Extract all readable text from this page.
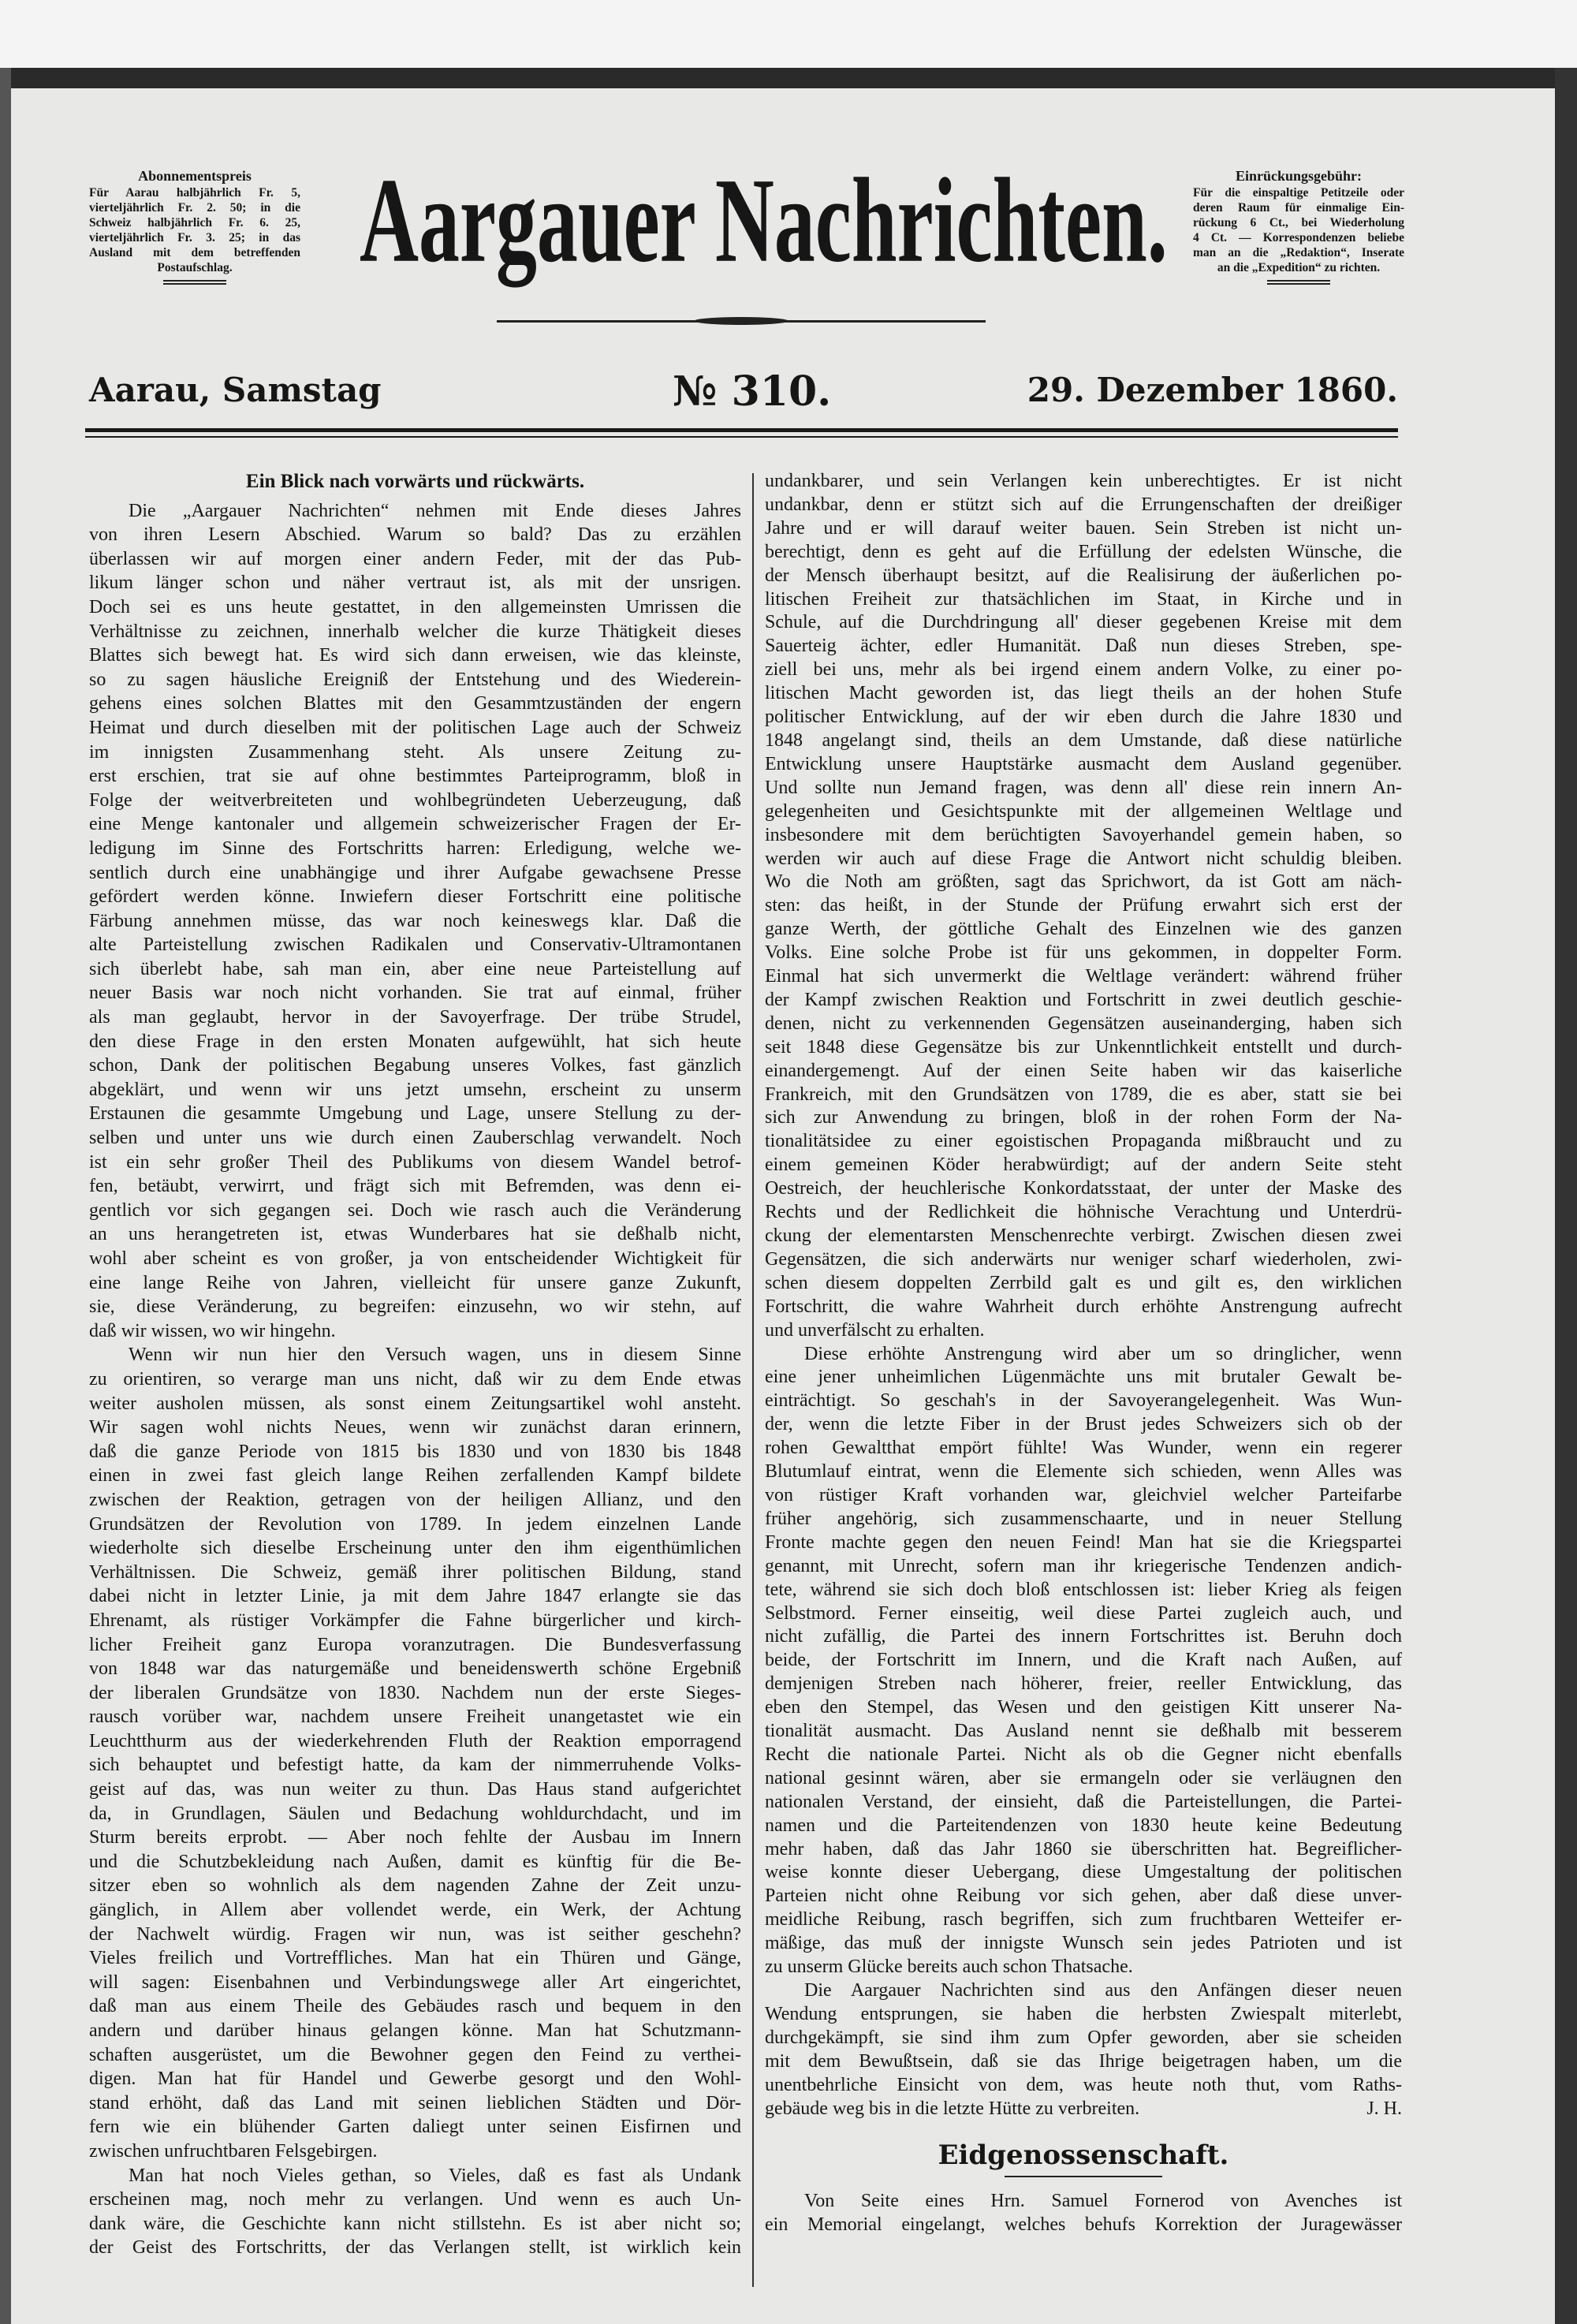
Abonnementspreis
Für Aarau halbjährlich Fr. 5,
vierteljährlich Fr. 2. 50; in die
Schweiz halbjährlich Fr. 6. 25,
vierteljährlich Fr. 3. 25; in das
Ausland mit dem betreffenden
Postaufschlag.	Aargauer Nachrichten.	Einrückungsgebühr:
Für die einspaltige Petitzeile oder
deren Raum für einmalige Ein-
rückung 6 Ct., bei Wiederholung
4 Ct. — Korrespondenzen beliebe
man an die „Redaktion“, Inserate
an die „Expedition“ zu richten.
Aarau, Samstag	№ 310.	29. Dezember 1860.
Ein Blick nach vorwärts und rückwärts.
Die „Aargauer Nachrichten“ nehmen mit Ende dieses Jahres
von ihren Lesern Abschied. Warum so bald? Das zu erzählen
überlassen wir auf morgen einer andern Feder, mit der das Pub-
likum länger schon und näher vertraut ist, als mit der unsrigen.
Doch sei es uns heute gestattet, in den allgemeinsten Umrissen die
Verhältnisse zu zeichnen, innerhalb welcher die kurze Thätigkeit dieses
Blattes sich bewegt hat. Es wird sich dann erweisen, wie das kleinste,
so zu sagen häusliche Ereigniß der Entstehung und des Wiederein-
gehens eines solchen Blattes mit den Gesammtzuständen der engern
Heimat und durch dieselben mit der politischen Lage auch der Schweiz
im innigsten Zusammenhang steht. Als unsere Zeitung zu-
erst erschien, trat sie auf ohne bestimmtes Parteiprogramm, bloß in
Folge der weitverbreiteten und wohlbegründeten Ueberzeugung, daß
eine Menge kantonaler und allgemein schweizerischer Fragen der Er-
ledigung im Sinne des Fortschritts harren: Erledigung, welche we-
sentlich durch eine unabhängige und ihrer Aufgabe gewachsene Presse
gefördert werden könne. Inwiefern dieser Fortschritt eine politische
Färbung annehmen müsse, das war noch keineswegs klar. Daß die
alte Parteistellung zwischen Radikalen und Conservativ-Ultramontanen
sich überlebt habe, sah man ein, aber eine neue Parteistellung auf
neuer Basis war noch nicht vorhanden. Sie trat auf einmal, früher
als man geglaubt, hervor in der Savoyerfrage. Der trübe Strudel,
den diese Frage in den ersten Monaten aufgewühlt, hat sich heute
schon, Dank der politischen Begabung unseres Volkes, fast gänzlich
abgeklärt, und wenn wir uns jetzt umsehn, erscheint zu unserm
Erstaunen die gesammte Umgebung und Lage, unsere Stellung zu der-
selben und unter uns wie durch einen Zauberschlag verwandelt. Noch
ist ein sehr großer Theil des Publikums von diesem Wandel betrof-
fen, betäubt, verwirrt, und frägt sich mit Befremden, was denn ei-
gentlich vor sich gegangen sei. Doch wie rasch auch die Veränderung
an uns herangetreten ist, etwas Wunderbares hat sie deßhalb nicht,
wohl aber scheint es von großer, ja von entscheidender Wichtigkeit für
eine lange Reihe von Jahren, vielleicht für unsere ganze Zukunft,
sie, diese Veränderung, zu begreifen: einzusehn, wo wir stehn, auf
daß wir wissen, wo wir hingehn.
Wenn wir nun hier den Versuch wagen, uns in diesem Sinne
zu orientiren, so verarge man uns nicht, daß wir zu dem Ende etwas
weiter ausholen müssen, als sonst einem Zeitungsartikel wohl ansteht.
Wir sagen wohl nichts Neues, wenn wir zunächst daran erinnern,
daß die ganze Periode von 1815 bis 1830 und von 1830 bis 1848
einen in zwei fast gleich lange Reihen zerfallenden Kampf bildete
zwischen der Reaktion, getragen von der heiligen Allianz, und den
Grundsätzen der Revolution von 1789. In jedem einzelnen Lande
wiederholte sich dieselbe Erscheinung unter den ihm eigenthümlichen
Verhältnissen. Die Schweiz, gemäß ihrer politischen Bildung, stand
dabei nicht in letzter Linie, ja mit dem Jahre 1847 erlangte sie das
Ehrenamt, als rüstiger Vorkämpfer die Fahne bürgerlicher und kirch-
licher Freiheit ganz Europa voranzutragen. Die Bundesverfassung
von 1848 war das naturgemäße und beneidenswerth schöne Ergebniß
der liberalen Grundsätze von 1830. Nachdem nun der erste Sieges-
rausch vorüber war, nachdem unsere Freiheit unangetastet wie ein
Leuchtthurm aus der wiederkehrenden Fluth der Reaktion emporragend
sich behauptet und befestigt hatte, da kam der nimmerruhende Volks-
geist auf das, was nun weiter zu thun. Das Haus stand aufgerichtet
da, in Grundlagen, Säulen und Bedachung wohldurchdacht, und im
Sturm bereits erprobt. — Aber noch fehlte der Ausbau im Innern
und die Schutzbekleidung nach Außen, damit es künftig für die Be-
sitzer eben so wohnlich als dem nagenden Zahne der Zeit unzu-
gänglich, in Allem aber vollendet werde, ein Werk, der Achtung
der Nachwelt würdig. Fragen wir nun, was ist seither geschehn?
Vieles freilich und Vortreffliches. Man hat ein Thüren und Gänge,
will sagen: Eisenbahnen und Verbindungswege aller Art eingerichtet,
daß man aus einem Theile des Gebäudes rasch und bequem in den
andern und darüber hinaus gelangen könne. Man hat Schutzmann-
schaften ausgerüstet, um die Bewohner gegen den Feind zu verthei-
digen. Man hat für Handel und Gewerbe gesorgt und den Wohl-
stand erhöht, daß das Land mit seinen lieblichen Städten und Dör-
fern wie ein blühender Garten daliegt unter seinen Eisfirnen und
zwischen unfruchtbaren Felsgebirgen.
Man hat noch Vieles gethan, so Vieles, daß es fast als Undank
erscheinen mag, noch mehr zu verlangen. Und wenn es auch Un-
dank wäre, die Geschichte kann nicht stillstehn. Es ist aber nicht so;
der Geist des Fortschritts, der das Verlangen stellt, ist wirklich kein
undankbarer, und sein Verlangen kein unberechtigtes. Er ist nicht
undankbar, denn er stützt sich auf die Errungenschaften der dreißiger
Jahre und er will darauf weiter bauen. Sein Streben ist nicht un-
berechtigt, denn es geht auf die Erfüllung der edelsten Wünsche, die
der Mensch überhaupt besitzt, auf die Realisirung der äußerlichen po-
litischen Freiheit zur thatsächlichen im Staat, in Kirche und in
Schule, auf die Durchdringung all' dieser gegebenen Kreise mit dem
Sauerteig ächter, edler Humanität. Daß nun dieses Streben, spe-
ziell bei uns, mehr als bei irgend einem andern Volke, zu einer po-
litischen Macht geworden ist, das liegt theils an der hohen Stufe
politischer Entwicklung, auf der wir eben durch die Jahre 1830 und
1848 angelangt sind, theils an dem Umstande, daß diese natürliche
Entwicklung unsere Hauptstärke ausmacht dem Ausland gegenüber.
Und sollte nun Jemand fragen, was denn all' diese rein innern An-
gelegenheiten und Gesichtspunkte mit der allgemeinen Weltlage und
insbesondere mit dem berüchtigten Savoyerhandel gemein haben, so
werden wir auch auf diese Frage die Antwort nicht schuldig bleiben.
Wo die Noth am größten, sagt das Sprichwort, da ist Gott am näch-
sten: das heißt, in der Stunde der Prüfung erwahrt sich erst der
ganze Werth, der göttliche Gehalt des Einzelnen wie des ganzen
Volks. Eine solche Probe ist für uns gekommen, in doppelter Form.
Einmal hat sich unvermerkt die Weltlage verändert: während früher
der Kampf zwischen Reaktion und Fortschritt in zwei deutlich geschie-
denen, nicht zu verkennenden Gegensätzen auseinanderging, haben sich
seit 1848 diese Gegensätze bis zur Unkenntlichkeit entstellt und durch-
einandergemengt. Auf der einen Seite haben wir das kaiserliche
Frankreich, mit den Grundsätzen von 1789, die es aber, statt sie bei
sich zur Anwendung zu bringen, bloß in der rohen Form der Na-
tionalitätsidee zu einer egoistischen Propaganda mißbraucht und zu
einem gemeinen Köder herabwürdigt; auf der andern Seite steht
Oestreich, der heuchlerische Konkordatsstaat, der unter der Maske des
Rechts und der Redlichkeit die höhnische Verachtung und Unterdrü-
ckung der elementarsten Menschenrechte verbirgt. Zwischen diesen zwei
Gegensätzen, die sich anderwärts nur weniger scharf wiederholen, zwi-
schen diesem doppelten Zerrbild galt es und gilt es, den wirklichen
Fortschritt, die wahre Wahrheit durch erhöhte Anstrengung aufrecht
und unverfälscht zu erhalten.
Diese erhöhte Anstrengung wird aber um so dringlicher, wenn
eine jener unheimlichen Lügenmächte uns mit brutaler Gewalt be-
einträchtigt. So geschah's in der Savoyerangelegenheit. Was Wun-
der, wenn die letzte Fiber in der Brust jedes Schweizers sich ob der
rohen Gewaltthat empört fühlte! Was Wunder, wenn ein regerer
Blutumlauf eintrat, wenn die Elemente sich schieden, wenn Alles was
von rüstiger Kraft vorhanden war, gleichviel welcher Parteifarbe
früher angehörig, sich zusammenschaarte, und in neuer Stellung
Fronte machte gegen den neuen Feind! Man hat sie die Kriegspartei
genannt, mit Unrecht, sofern man ihr kriegerische Tendenzen andich-
tete, während sie sich doch bloß entschlossen ist: lieber Krieg als feigen
Selbstmord. Ferner einseitig, weil diese Partei zugleich auch, und
nicht zufällig, die Partei des innern Fortschrittes ist. Beruhn doch
beide, der Fortschritt im Innern, und die Kraft nach Außen, auf
demjenigen Streben nach höherer, freier, reeller Entwicklung, das
eben den Stempel, das Wesen und den geistigen Kitt unserer Na-
tionalität ausmacht. Das Ausland nennt sie deßhalb mit besserem
Recht die nationale Partei. Nicht als ob die Gegner nicht ebenfalls
national gesinnt wären, aber sie ermangeln oder sie verläugnen den
nationalen Verstand, der einsieht, daß die Parteistellungen, die Partei-
namen und die Parteitendenzen von 1830 heute keine Bedeutung
mehr haben, daß das Jahr 1860 sie überschritten hat. Begreiflicher-
weise konnte dieser Uebergang, diese Umgestaltung der politischen
Parteien nicht ohne Reibung vor sich gehen, aber daß diese unver-
meidliche Reibung, rasch begriffen, sich zum fruchtbaren Wetteifer er-
mäßige, das muß der innigste Wunsch sein jedes Patrioten und ist
zu unserm Glücke bereits auch schon Thatsache.
Die Aargauer Nachrichten sind aus den Anfängen dieser neuen
Wendung entsprungen, sie haben die herbsten Zwiespalt miterlebt,
durchgekämpft, sie sind ihm zum Opfer geworden, aber sie scheiden
mit dem Bewußtsein, daß sie das Ihrige beigetragen haben, um die
unentbehrliche Einsicht von dem, was heute noth thut, vom Raths-
gebäude weg bis in die letzte Hütte zu verbreiten.	J. H.
Eidgenossenschaft.
Von Seite eines Hrn. Samuel Fornerod von Avenches ist
ein Memorial eingelangt, welches behufs Korrektion der Juragewässer
